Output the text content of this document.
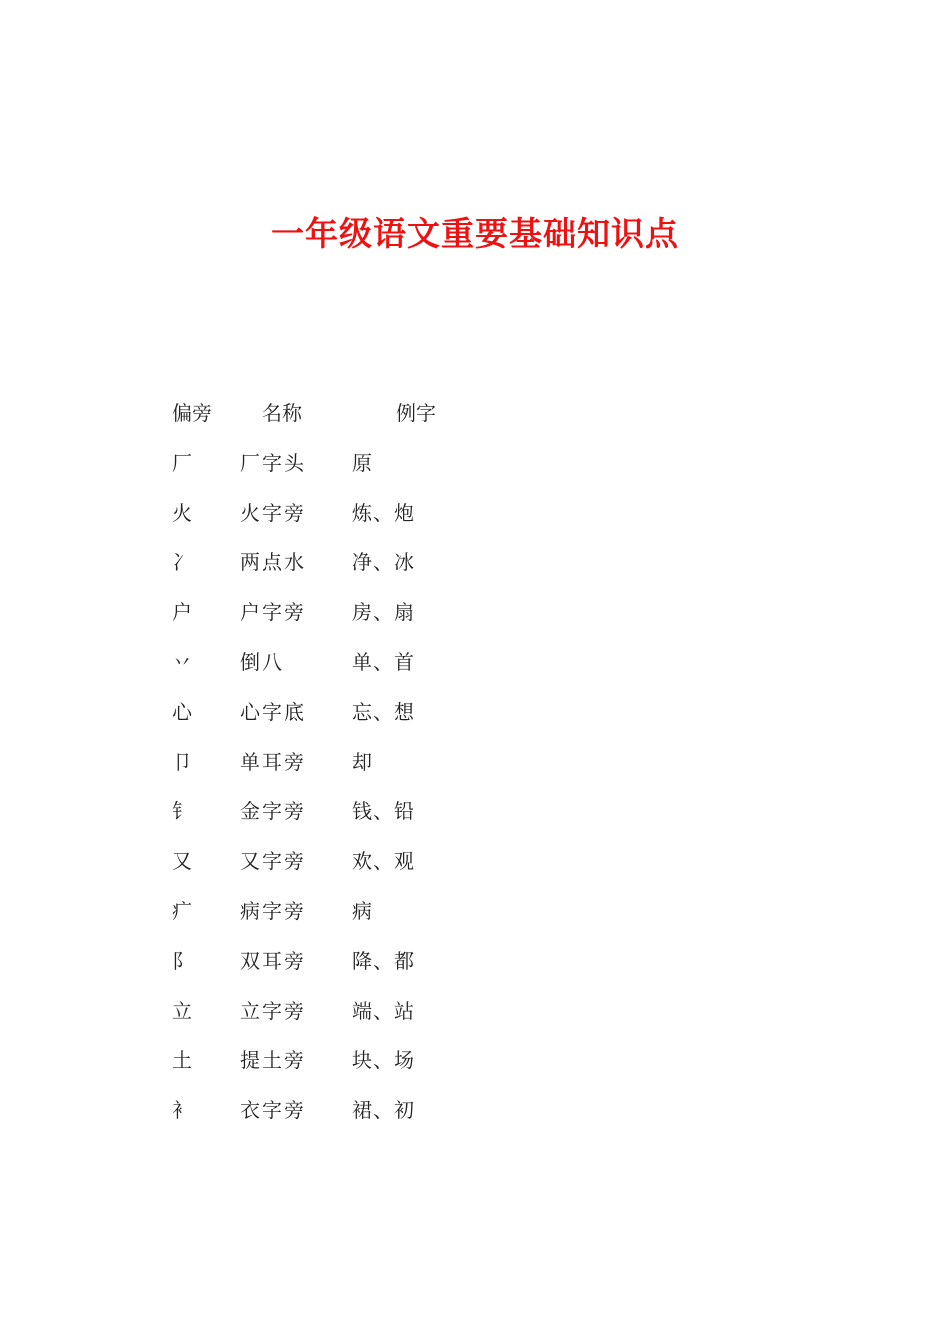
一年级语文重要基础知识点
偏旁	名称	例字
厂 厂字头 原
火 火字旁 炼、炮
冫 两点水 净、冰
户 户字旁 房、扇
丷 倒八	单、首
心 心字底 忘、想
卩 单耳旁 却
钅 金字旁 钱、铅
又 又字旁 欢、观
疒 病字旁 病
阝 双耳旁 降、都
立 立字旁 端、站
土 提土旁 块、场
衤 衣字旁 裙、初
